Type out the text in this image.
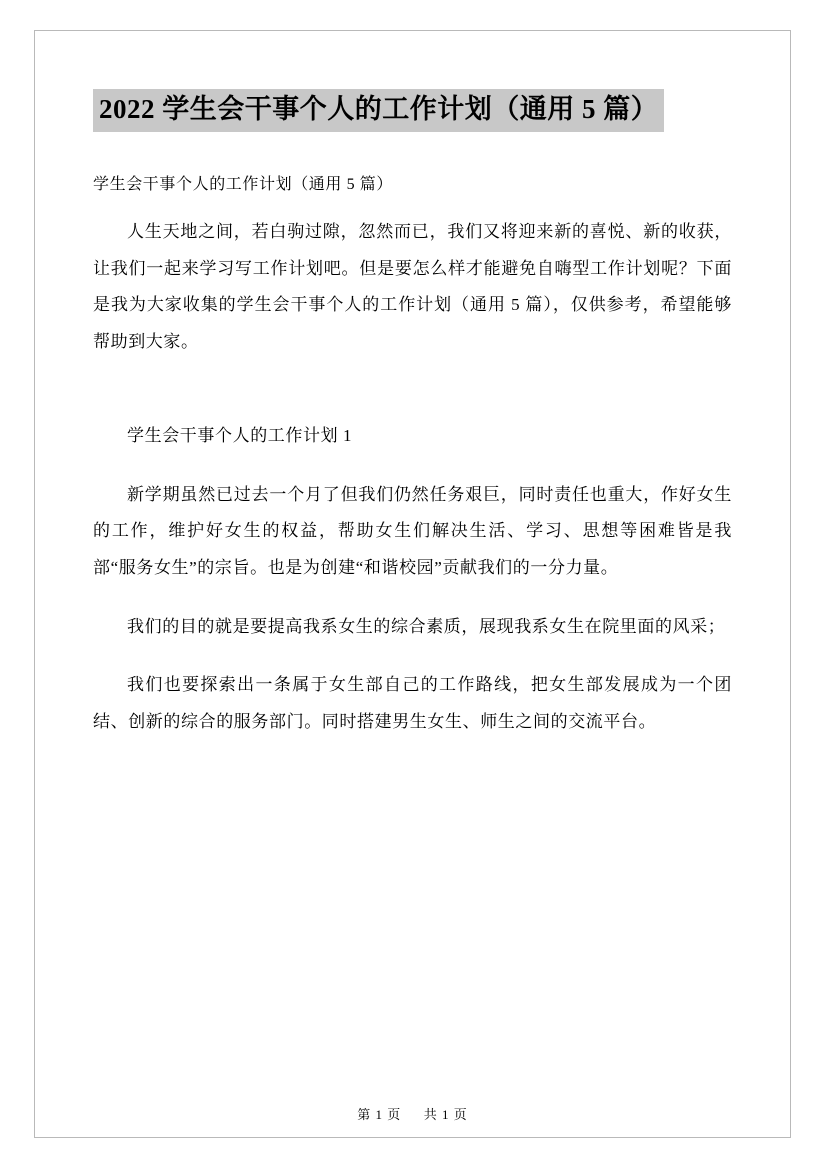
2022 学生会干事个人的工作计划（通用 5 篇）
学生会干事个人的工作计划（通用 5 篇）

人生天地之间，若白驹过隙，忽然而已，我们又将迎来新的喜悦、新的收获，让我们一起来学习写工作计划吧。但是要怎么样才能避免自嗨型工作计划呢？下面是我为大家收集的学生会干事个人的工作计划（通用 5 篇），仅供参考，希望能够帮助到大家。

学生会干事个人的工作计划 1

新学期虽然已过去一个月了但我们仍然任务艰巨，同时责任也重大，作好女生的工作，维护好女生的权益，帮助女生们解决生活、学习、思想等困难皆是我部“服务女生”的宗旨。也是为创建“和谐校园”贡献我们的一分力量。

我们的目的就是要提高我系女生的综合素质，展现我系女生在院里面的风采；

我们也要探索出一条属于女生部自己的工作路线，把女生部发展成为一个团结、创新的综合的服务部门。同时搭建男生女生、师生之间的交流平台。

第 1 页 共 1 页
